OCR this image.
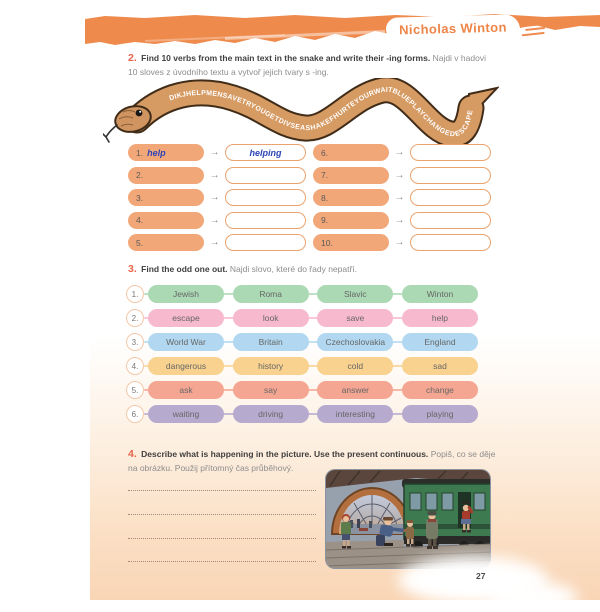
Nicholas Winton

2. Find 10 verbs from the main text in the snake and write their -ing forms. Najdi v hadovi 10 sloves z úvodního textu a vytvoř jejich tvary s -ing.

DIKJHELPMENSAVETRYOUGETDIVSEASHAKEFHURTEYOURWAITBLUEPLAYCHANGEDESCAPE
1. help	→	helping
2.	→
3.	→
4.	→
5.	→
6.	→
7.	→
8.	→
9.	→
10.	→

3. Find the odd one out. Najdi slovo, které do řady nepatří.

1.	Jewish	Roma	Slavic	Winton
2.	escape	look	save	help
3.	World War	Britain	Czechoslovakia	England
4.	dangerous	history	cold	sad
5.	ask	say	answer	change
6.	waiting	driving	interesting	playing

4. Describe what is happening in the picture. Use the present continuous. Popiš, co se děje na obrázku. Použij přítomný čas průběhový.

27
